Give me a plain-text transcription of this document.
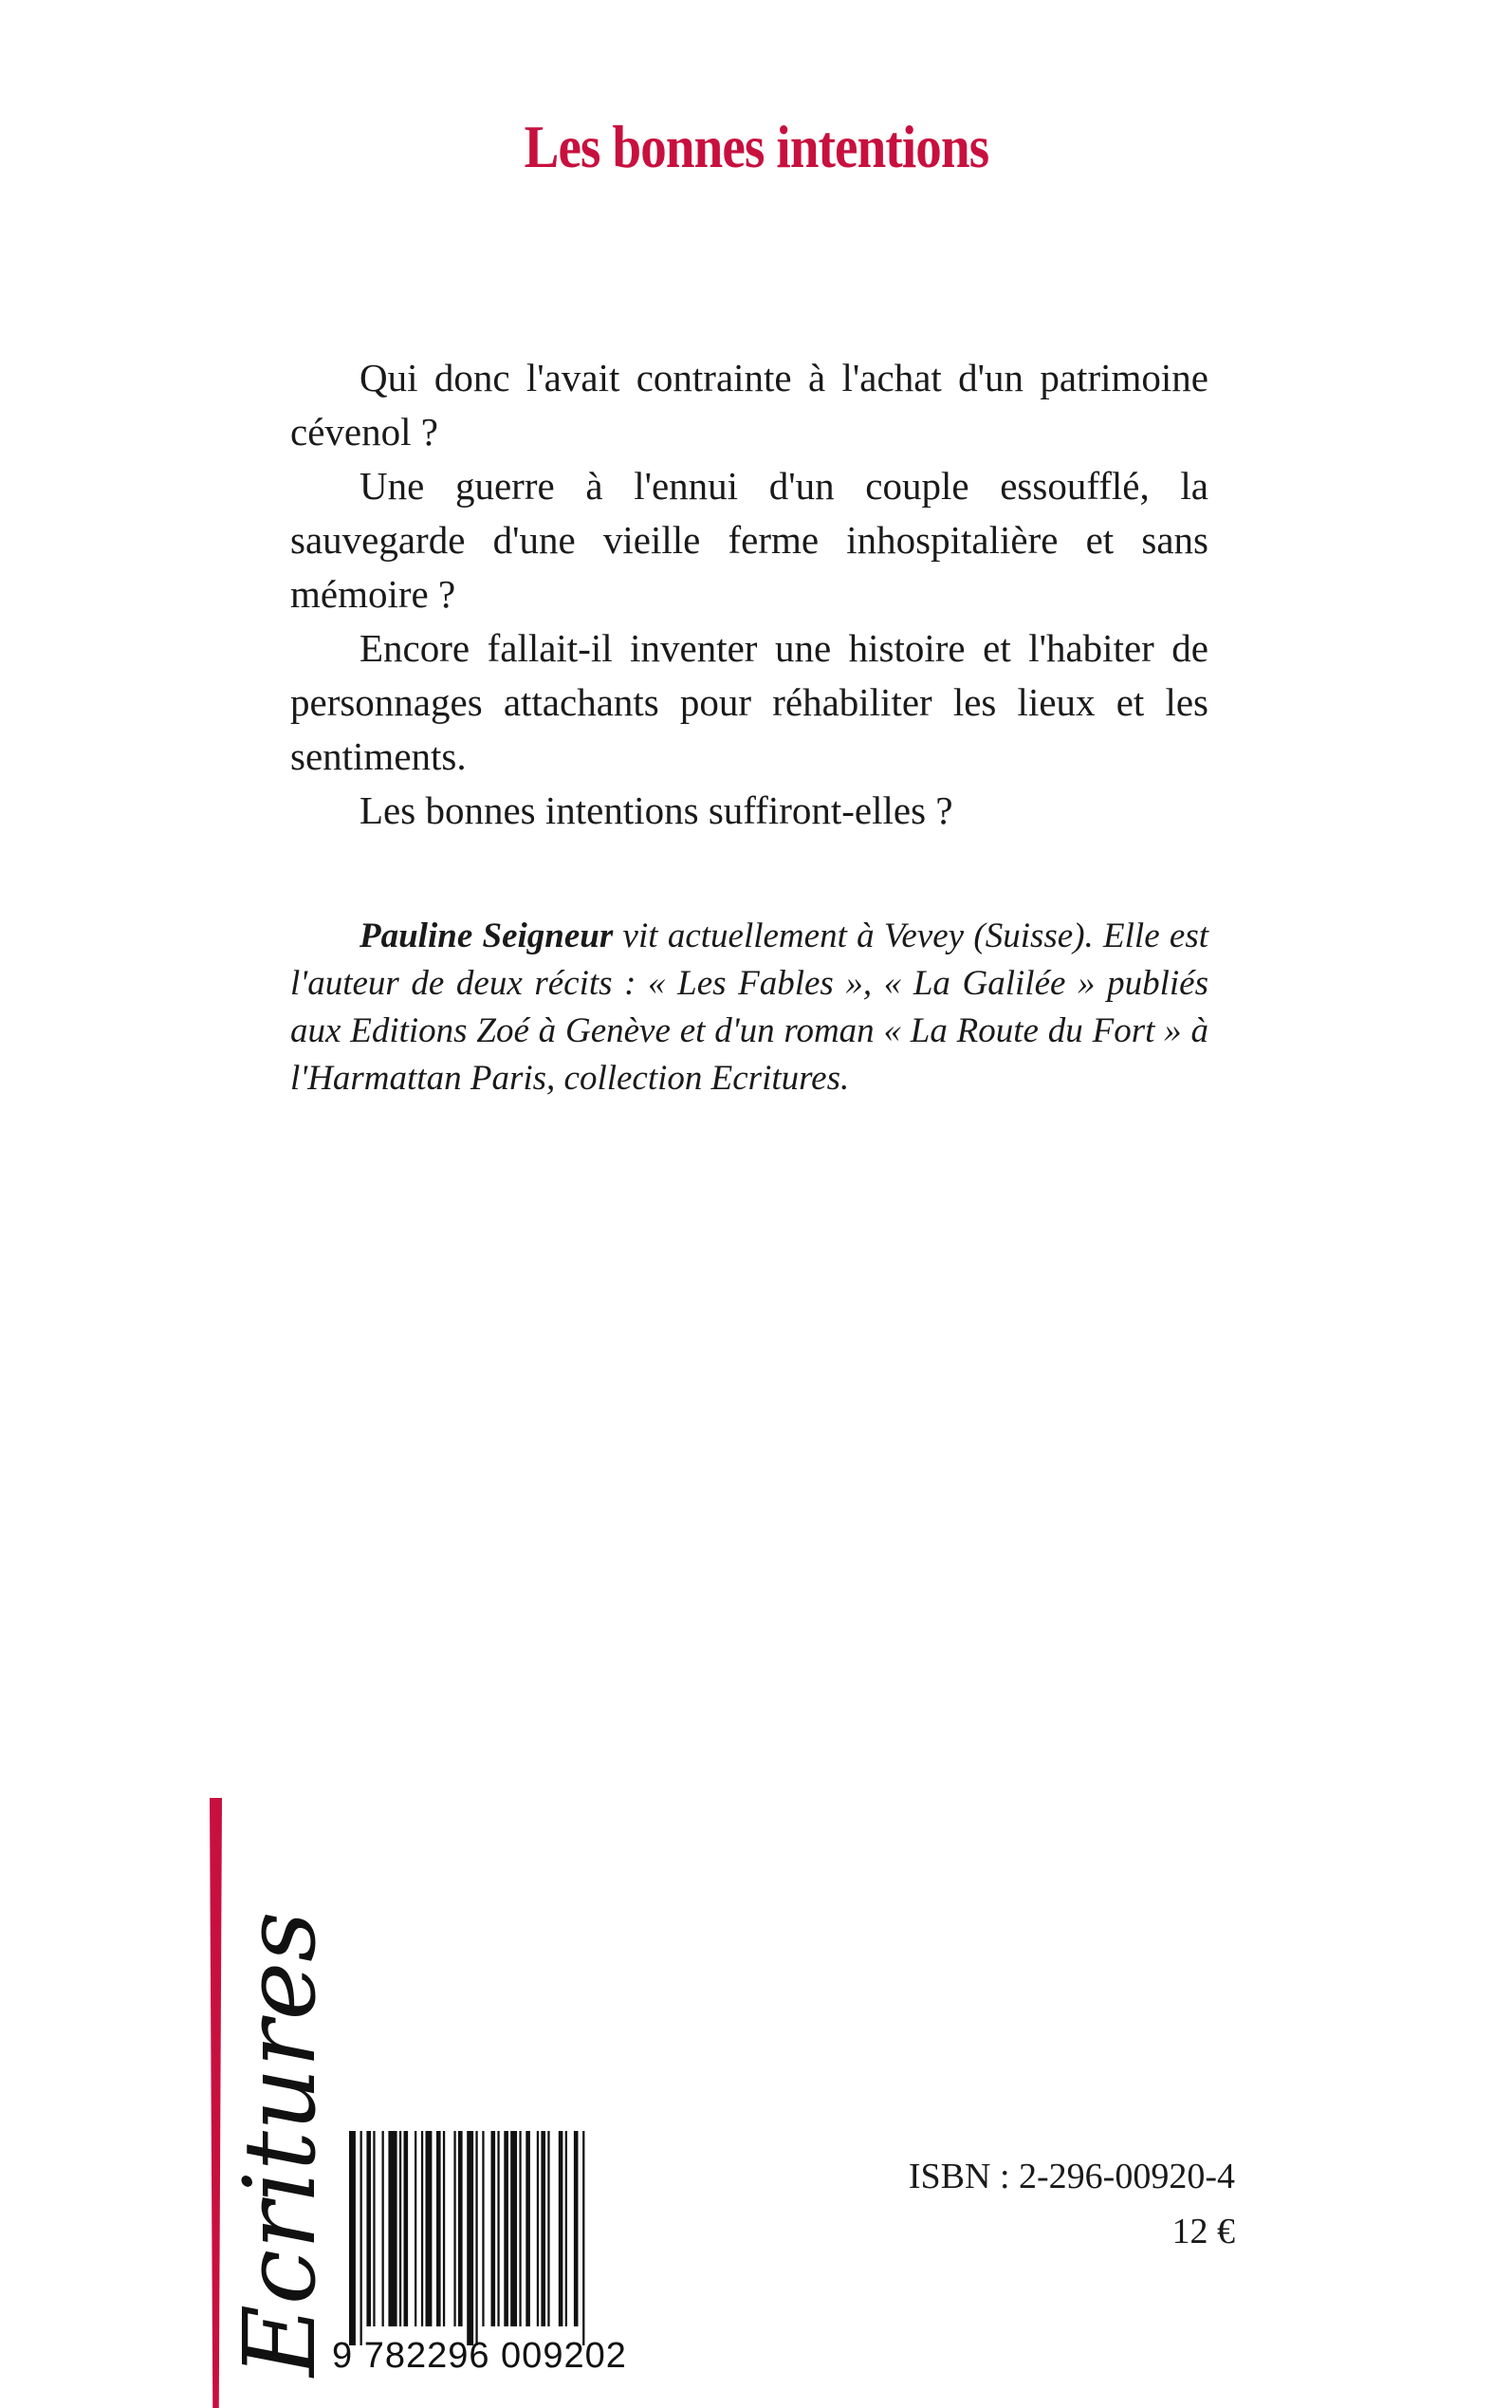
Les bonnes intentions

Qui donc l'avait contrainte à l'achat d'un patrimoine cévenol ?

Une guerre à l'ennui d'un couple essoufflé, la sauvegarde d'une vieille ferme inhospitalière et sans mémoire ?

Encore fallait-il inventer une histoire et l'habiter de personnages attachants pour réhabiliter les lieux et les sentiments.

Les bonnes intentions suffiront-elles ?

Pauline Seigneur vit actuellement à Vevey (Suisse). Elle est l'auteur de deux récits : « Les Fables », « La Galilée » publiés aux Editions Zoé à Genève et d'un roman « La Route du Fort » à l'Harmattan Paris, collection Ecritures.
Ecritures
9 782296 009202
ISBN : 2-296-00920-4
12 €
